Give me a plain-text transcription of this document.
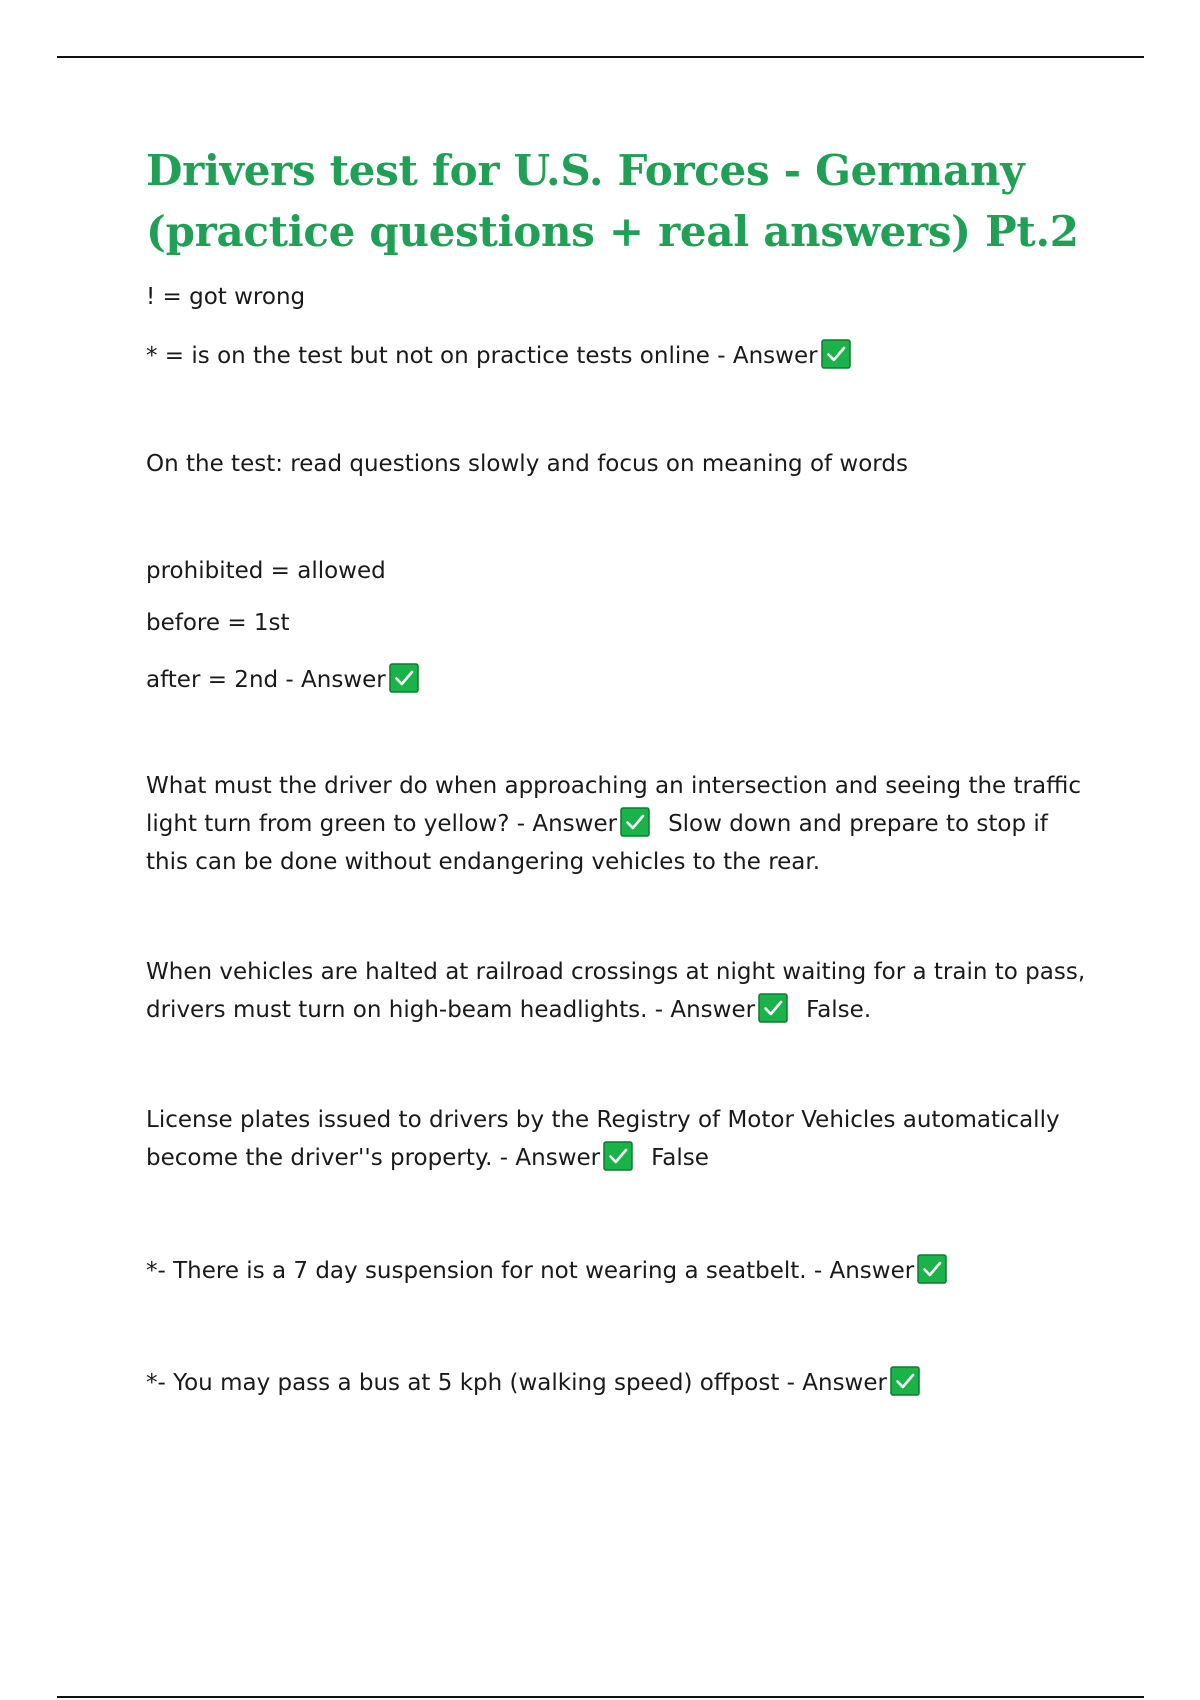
Drivers test for U.S. Forces - Germany (practice questions + real answers) Pt.2

! = got wrong

* = is on the test but not on practice tests online - Answer

On the test: read questions slowly and focus on meaning of words

prohibited = allowed

before = 1st

after = 2nd - Answer

What must the driver do when approaching an intersection and seeing the traffic light turn from green to yellow? - Answer Slow down and prepare to stop if this can be done without endangering vehicles to the rear.

When vehicles are halted at railroad crossings at night waiting for a train to pass, drivers must turn on high-beam headlights. - Answer False.

License plates issued to drivers by the Registry of Motor Vehicles automatically become the driver''s property. - Answer False

*- There is a 7 day suspension for not wearing a seatbelt. - Answer

*- You may pass a bus at 5 kph (walking speed) offpost - Answer
